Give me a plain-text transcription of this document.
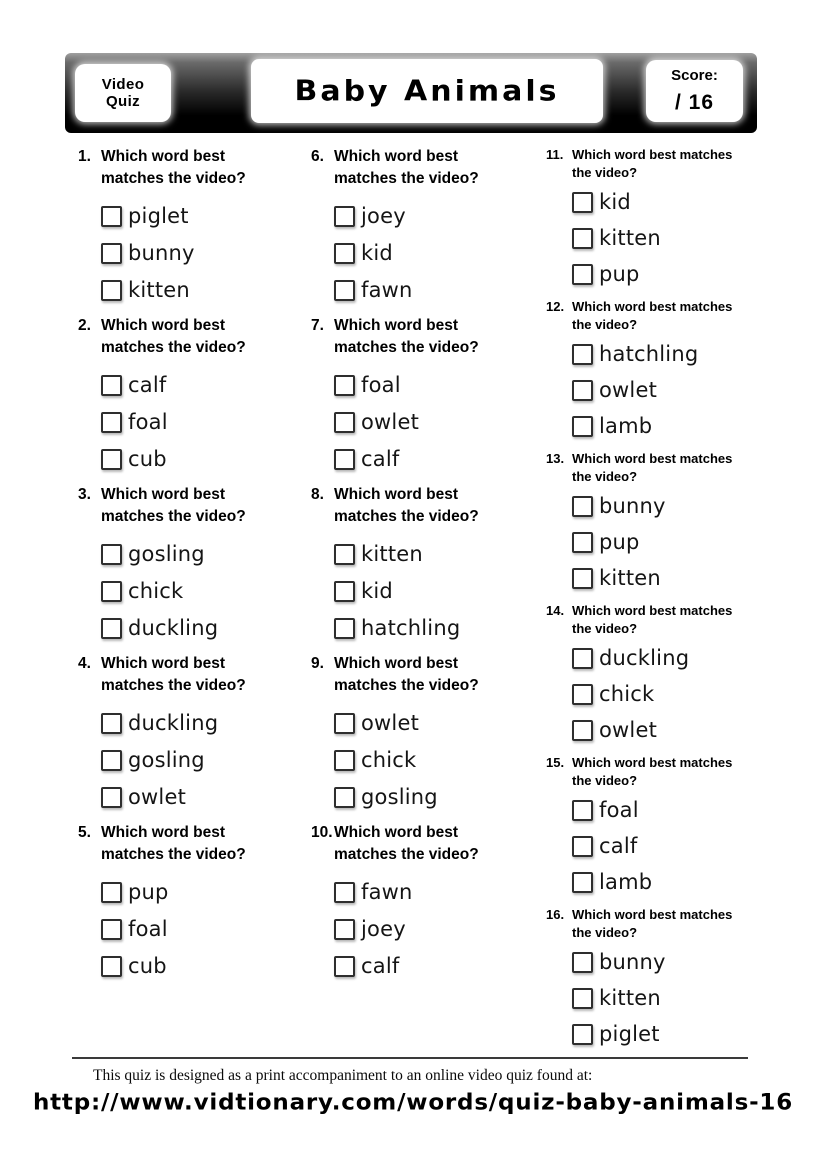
Video
Quiz	Baby Animals	Score:
/ 16
1. Which word best
matches the video?
piglet
bunny
kitten
2. Which word best
matches the video?
calf
foal
cub
3. Which word best
matches the video?
gosling
chick
duckling
4. Which word best
matches the video?
duckling
gosling
owlet
5. Which word best
matches the video?
pup
foal
cub
6. Which word best
matches the video?
joey
kid
fawn
7. Which word best
matches the video?
foal
owlet
calf
8. Which word best
matches the video?
kitten
kid
hatchling
9. Which word best
matches the video?
owlet
chick
gosling
10. Which word best
matches the video?
fawn
joey
calf
11. Which word best matches
the video?
kid
kitten
pup
12. Which word best matches
the video?
hatchling
owlet
lamb
13. Which word best matches
the video?
bunny
pup
kitten
14. Which word best matches
the video?
duckling
chick
owlet
15. Which word best matches
the video?
foal
calf
lamb
16. Which word best matches
the video?
bunny
kitten
piglet

This quiz is designed as a print accompaniment to an online video quiz found at:

http://www.vidtionary.com/words/quiz-baby-animals-16
